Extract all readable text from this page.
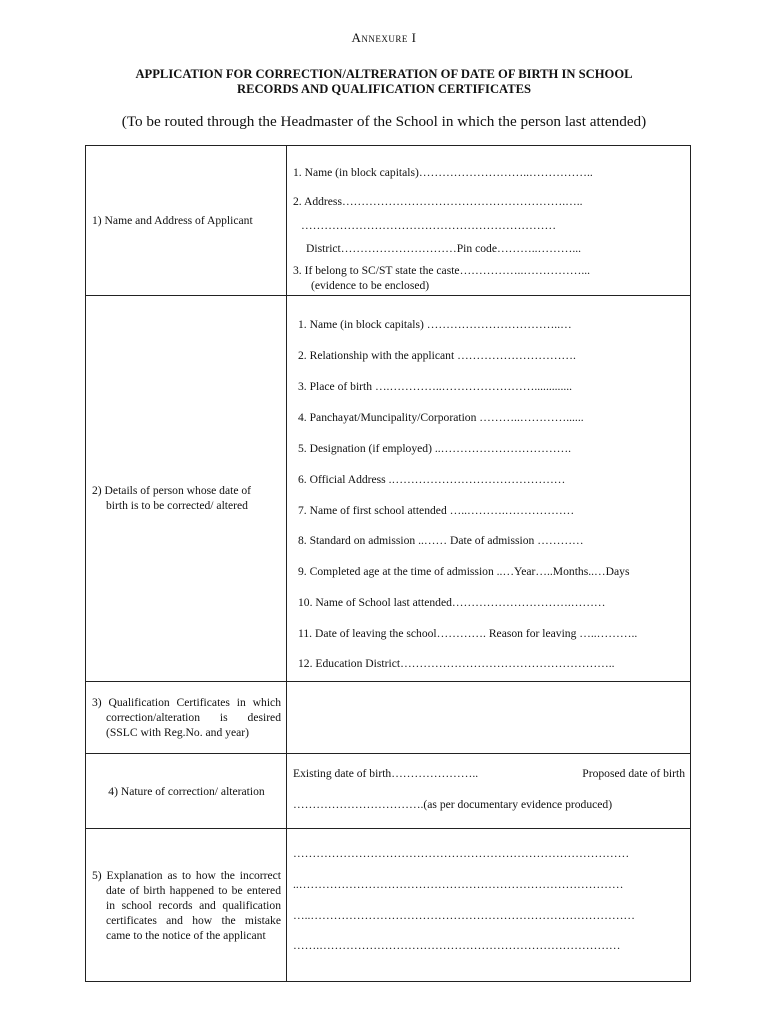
Annexure I
APPLICATION FOR CORRECTION/ALTRERATION OF DATE OF BIRTH IN SCHOOL
RECORDS AND QUALIFICATION CERTIFICATES
(To be routed through the Headmaster of the School in which the person last attended)
1) Name and Address of Applicant
1. Name (in block capitals)………………………..……………..
2. Address………………………………………………….…..
…………………………………………………………
District…………………………Pin code………..………...
3. If belong to SC/ST state the caste……………..……………...
(evidence to be enclosed)
2) Details of person whose date of
birth is to be corrected/ altered
1. Name (in block capitals) ……………………………..…
2. Relationship with the applicant ………………………….
3. Place of birth ….…………..…………………….............
4. Panchayat/Muncipality/Corporation ………..…………......
5. Designation (if employed) ..…………………………….
6. Official Address .………………………………………
7. Name of first school attended …..……….………………
8. Standard on admission ..…… Date of admission …………
9. Completed age at the time of admission ..…Year…..Months..…Days
10. Name of School last attended………………………….………
11. Date of leaving the school…………. Reason for leaving …..………..
12. Education District………………………………………………..
3) Qualification Certificates in which correction/alteration is desired (SSLC with Reg.No. and year)
4) Nature of correction/ alteration
Existing date of birth…………………..	Proposed date of birth
…………………………….(as per documentary evidence produced)
5) Explanation as to how the incorrect date of birth happened to be entered in school records and qualification certificates and how the mistake came to the notice of the applicant
……………………………………………………………………………
..…………………………………………………………………………
…..…………………………………………………………………………
…….……………………………………………………………………
